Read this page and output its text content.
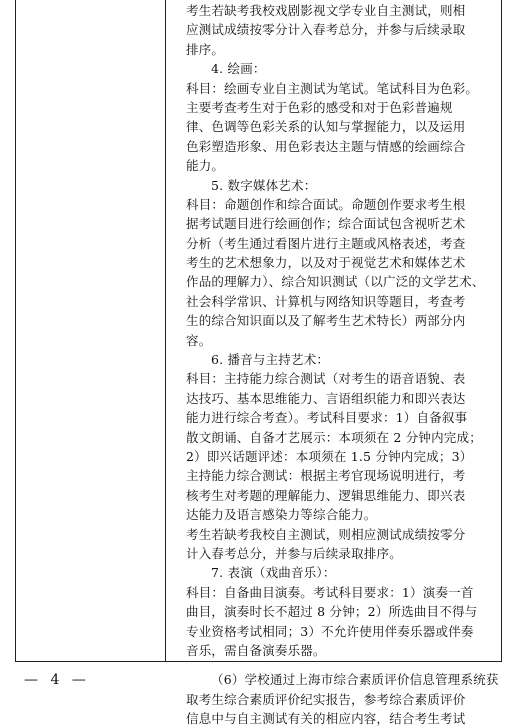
考生若缺考我校戏剧影视文学专业自主测试，则相
应测试成绩按零分计入春考总分，并参与后续录取
排序。
4. 绘画：
科目：绘画专业自主测试为笔试。笔试科目为色彩。
主要考查考生对于色彩的感受和对于色彩普遍规
律、色调等色彩关系的认知与掌握能力，以及运用
色彩塑造形象、用色彩表达主题与情感的绘画综合
能力。
5. 数字媒体艺术：
科目：命题创作和综合面试。命题创作要求考生根
据考试题目进行绘画创作；综合面试包含视听艺术
分析（考生通过看图片进行主题或风格表述，考查
考生的艺术想象力，以及对于视觉艺术和媒体艺术
作品的理解力）、综合知识测试（以广泛的文学艺术、
社会科学常识、计算机与网络知识等题目，考查考
生的综合知识面以及了解考生艺术特长）两部分内
容。
6. 播音与主持艺术：
科目：主持能力综合测试（对考生的语音语貌、表
达技巧、基本思维能力、言语组织能力和即兴表达
能力进行综合考查）。考试科目要求：1）自备叙事
散文朗诵、自备才艺展示：本项须在 2 分钟内完成；
2）即兴话题评述：本项须在 1.5 分钟内完成；3）
主持能力综合测试：根据主考官现场说明进行，考
核考生对考题的理解能力、逻辑思维能力、即兴表
达能力及语言感染力等综合能力。
考生若缺考我校自主测试，则相应测试成绩按零分
计入春考总分，并参与后续录取排序。
7. 表演（戏曲音乐）：
科目：自备曲目演奏。考试科目要求：1）演奏一首
曲目，演奏时长不超过 8 分钟；2）所选曲目不得与
专业资格考试相同；3）不允许使用伴奏乐器或伴奏
音乐，需自备演奏乐器。
（6）学校通过上海市综合素质评价信息管理系统获
取考生综合素质评价纪实报告，参考综合素质评价
信息中与自主测试有关的相应内容，结合考生考试
— 4 —
